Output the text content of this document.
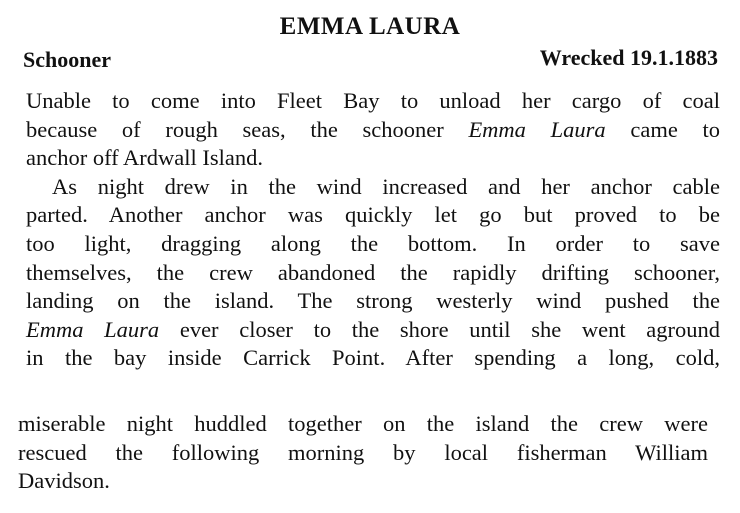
EMMA LAURA
Schooner	Wrecked 19.1.1883

Unable to come into Fleet Bay to unload her cargo of coal
because of rough seas, the schooner Emma Laura came to
anchor off Ardwall Island.

As night drew in the wind increased and her anchor cable
parted. Another anchor was quickly let go but proved to be
too light, dragging along the bottom. In order to save
themselves, the crew abandoned the rapidly drifting schooner,
landing on the island. The strong westerly wind pushed the
Emma Laura ever closer to the shore until she went aground
in the bay inside Carrick Point. After spending a long, cold,

miserable night huddled together on the island the crew were
rescued the following morning by local fisherman William
Davidson.
